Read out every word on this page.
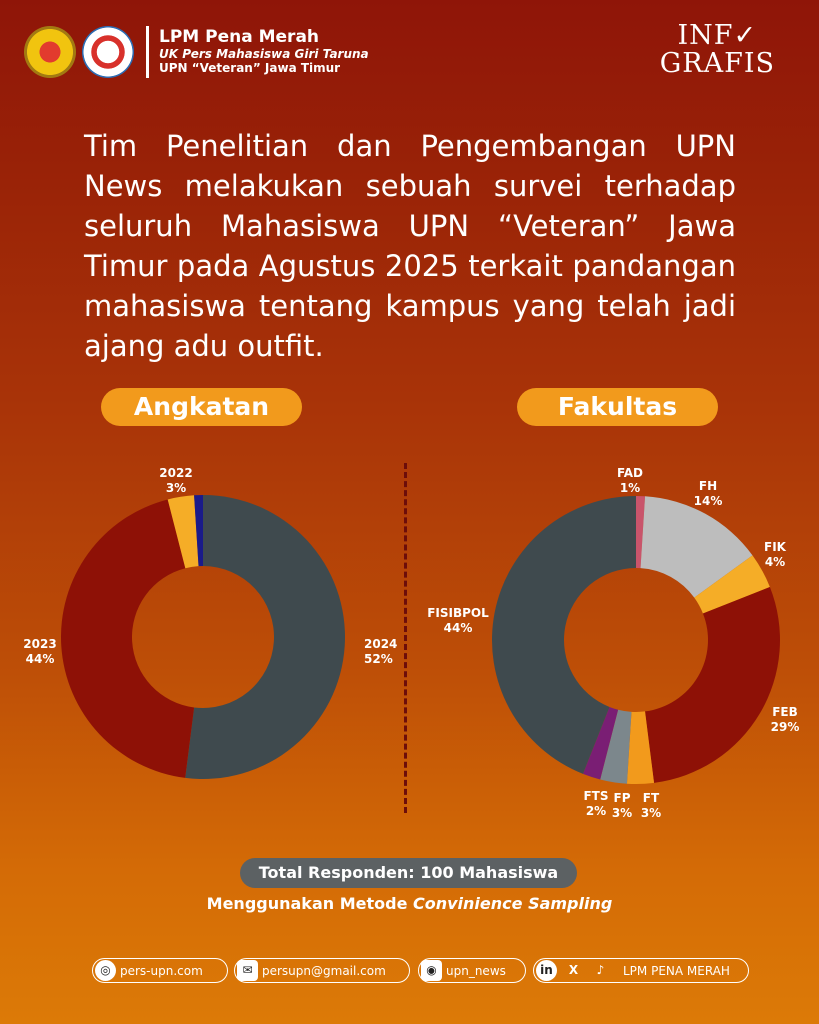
LPM Pena Merah
UK Pers Mahasiswa Giri Taruna
UPN “Veteran” Jawa Timur
INF✓
GRAFIS
Tim Penelitian dan Pengembangan UPN News melakukan sebuah survei terhadap seluruh Mahasiswa UPN “Veteran” Jawa Timur pada Agustus 2025 terkait pandangan mahasiswa tentang kampus yang telah jadi ajang adu outfit.
Angkatan	Fakultas
2024 52%
2023 44%
2022 3%
FAD 1%	FH 14%
FIK 4%
FEB 29%
FT 3%
FP 3%
FTS 2%
FISIBPOL 44%
Total Responden: 100 Mahasiswa
Menggunakan Metode Convinience Sampling
◎ pers-upn.com	✉ persupn@gmail.com	◉ upn_news	in	X	♪	LPM PENA MERAH
